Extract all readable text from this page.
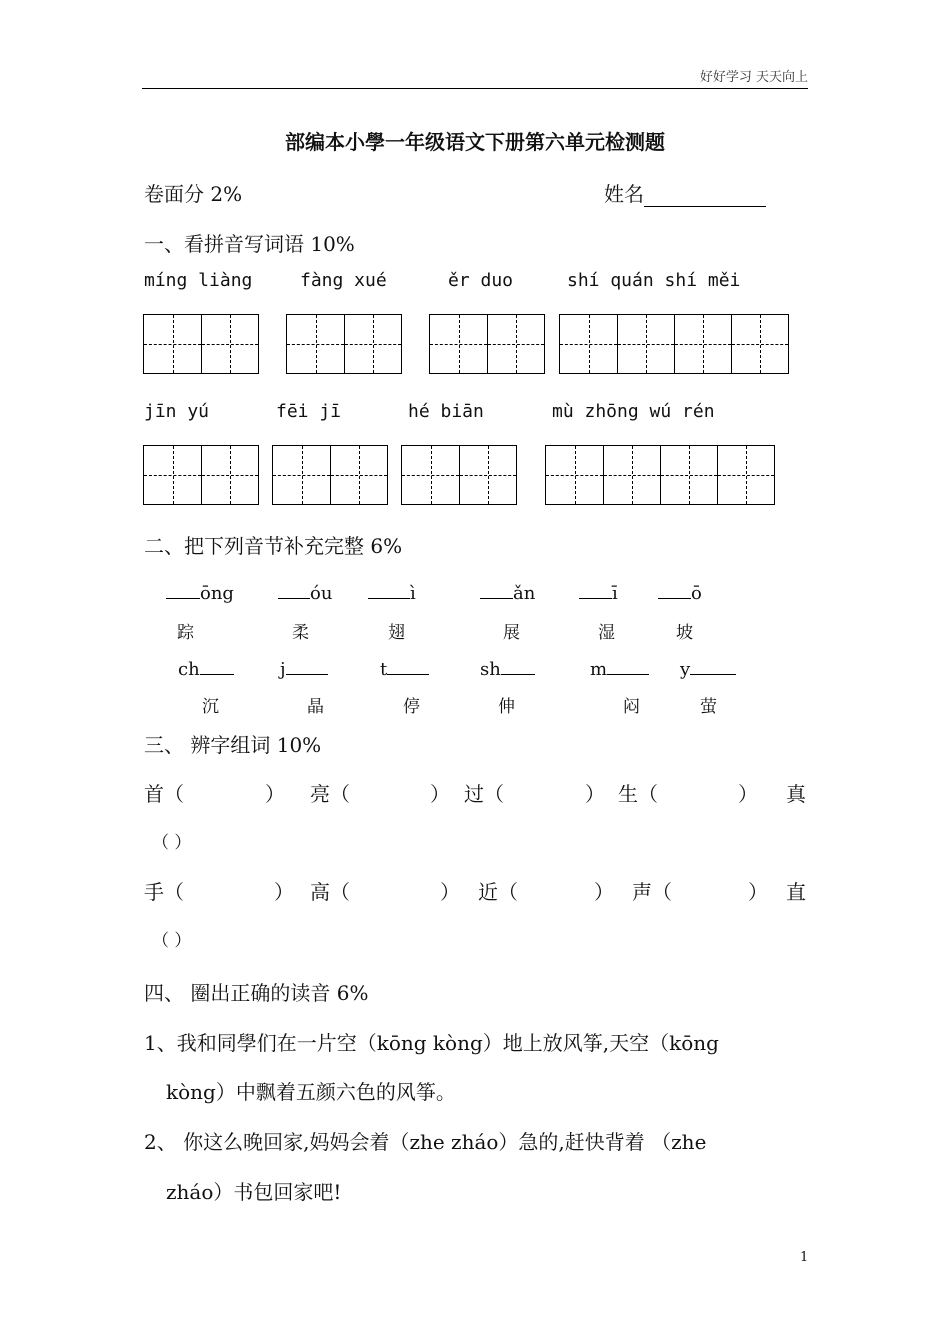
好好学习 天天向上
部编本小學一年级语文下册第六单元检测题
卷面分 2%	姓名
一、看拼音写词语 10%
míng liàng	fàng xué	ěr duo	shí quán shí měi
jīn yú	fēi jī	hé biān	mù zhōng wú rén
二、把下列音节补充完整 6%
ōng	óu	ì	ǎn	ī	ō
踪	柔	翅	展	湿	坡
ch	j	t	sh	m	y
沉	晶	停	伸	闷	萤
三、 辨字组词 10%
首（	） 亮（	） 过（	） 生（	） 真
（ ）
手（	） 高（	） 近（	） 声（	） 直
（ ）
四、 圈出正确的读音 6%
1、我和同學们在一片空（kōng kòng）地上放风筝,天空（kōng
kòng）中飘着五颜六色的风筝。
2、 你这么晚回家,妈妈会着（zhe zháo）急的,赶快背着 （zhe
zháo）书包回家吧!
1
